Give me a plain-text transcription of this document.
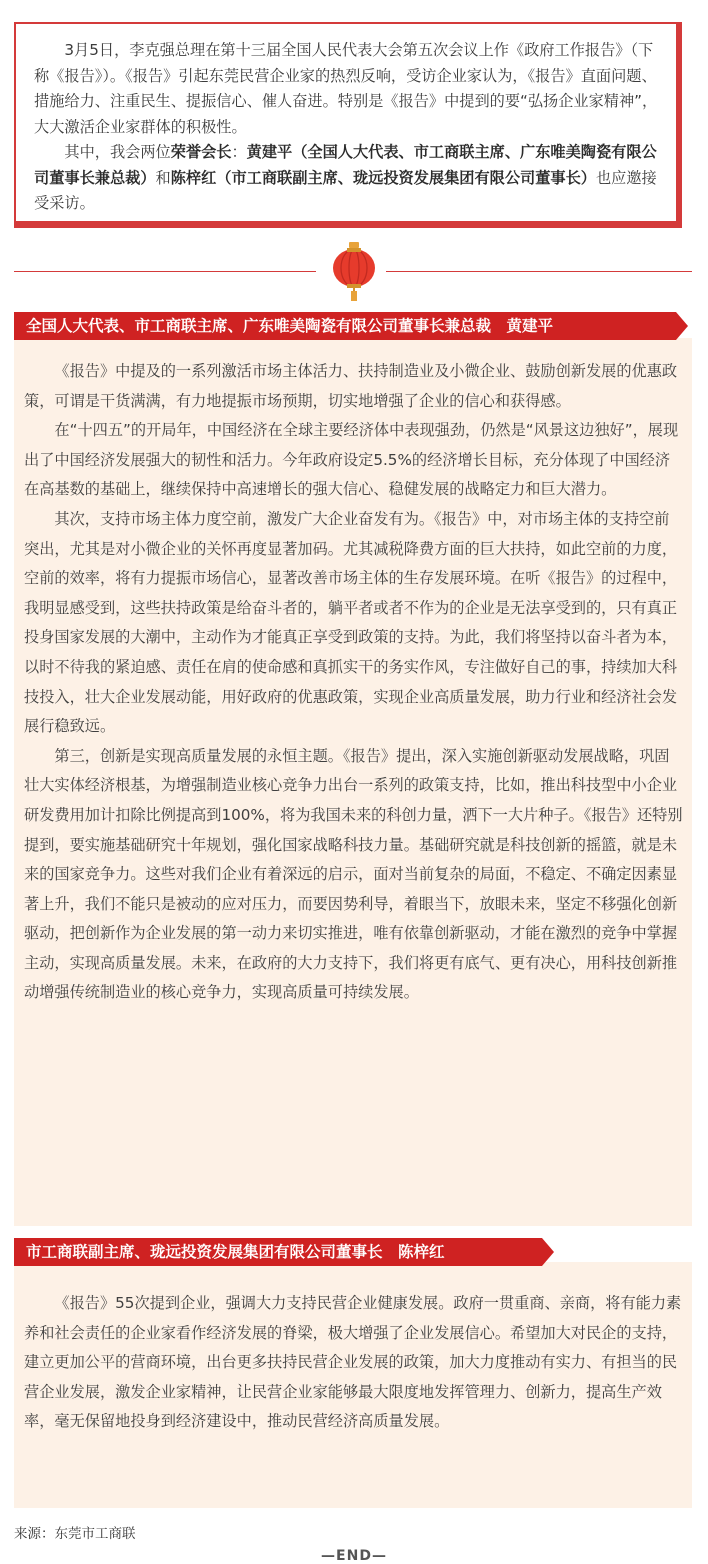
3月5日，李克强总理在第十三届全国人民代表大会第五次会议上作《政府工作报告》（下称《报告》）。《报告》引起东莞民营企业家的热烈反响，受访企业家认为，《报告》直面问题、措施给力、注重民生、提振信心、催人奋进。特别是《报告》中提到的要“弘扬企业家精神”，大大激活企业家群体的积极性。

其中，我会两位荣誉会长：黄建平（全国人大代表、市工商联主席、广东唯美陶瓷有限公司董事长兼总裁）和陈梓红（市工商联副主席、珑远投资发展集团有限公司董事长）也应邀接受采访。

全国人大代表、市工商联主席、广东唯美陶瓷有限公司董事长兼总裁　黄建平

《报告》中提及的一系列激活市场主体活力、扶持制造业及小微企业、鼓励创新发展的优惠政策，可谓是干货满满，有力地提振市场预期，切实地增强了企业的信心和获得感。

在“十四五”的开局年，中国经济在全球主要经济体中表现强劲，仍然是“风景这边独好”，展现出了中国经济发展强大的韧性和活力。今年政府设定5.5%的经济增长目标，充分体现了中国经济在高基数的基础上，继续保持中高速增长的强大信心、稳健发展的战略定力和巨大潜力。

其次，支持市场主体力度空前，激发广大企业奋发有为。《报告》中，对市场主体的支持空前突出，尤其是对小微企业的关怀再度显著加码。尤其减税降费方面的巨大扶持，如此空前的力度，空前的效率，将有力提振市场信心，显著改善市场主体的生存发展环境。在听《报告》的过程中，我明显感受到，这些扶持政策是给奋斗者的，躺平者或者不作为的企业是无法享受到的，只有真正投身国家发展的大潮中，主动作为才能真正享受到政策的支持。为此，我们将坚持以奋斗者为本，以时不待我的紧迫感、责任在肩的使命感和真抓实干的务实作风，专注做好自己的事，持续加大科技投入，壮大企业发展动能，用好政府的优惠政策，实现企业高质量发展，助力行业和经济社会发展行稳致远。

第三，创新是实现高质量发展的永恒主题。《报告》提出，深入实施创新驱动发展战略，巩固壮大实体经济根基，为增强制造业核心竞争力出台一系列的政策支持，比如，推出科技型中小企业研发费用加计扣除比例提高到100%，将为我国未来的科创力量，洒下一大片种子。《报告》还特别提到，要实施基础研究十年规划，强化国家战略科技力量。基础研究就是科技创新的摇篮，就是未来的国家竞争力。这些对我们企业有着深远的启示，面对当前复杂的局面，不稳定、不确定因素显著上升，我们不能只是被动的应对压力，而要因势利导，着眼当下，放眼未来，坚定不移强化创新驱动，把创新作为企业发展的第一动力来切实推进，唯有依靠创新驱动，才能在激烈的竞争中掌握主动，实现高质量发展。未来，在政府的大力支持下，我们将更有底气、更有决心，用科技创新推动增强传统制造业的核心竞争力，实现高质量可持续发展。

市工商联副主席、珑远投资发展集团有限公司董事长　陈梓红

《报告》55次提到企业，强调大力支持民营企业健康发展。政府一贯重商、亲商，将有能力素养和社会责任的企业家看作经济发展的脊梁，极大增强了企业发展信心。希望加大对民企的支持，建立更加公平的营商环境，出台更多扶持民营企业发展的政策，加大力度推动有实力、有担当的民营企业发展，激发企业家精神，让民营企业家能够最大限度地发挥管理力、创新力，提高生产效率，毫无保留地投身到经济建设中，推动民营经济高质量发展。

来源：东莞市工商联
—END—
